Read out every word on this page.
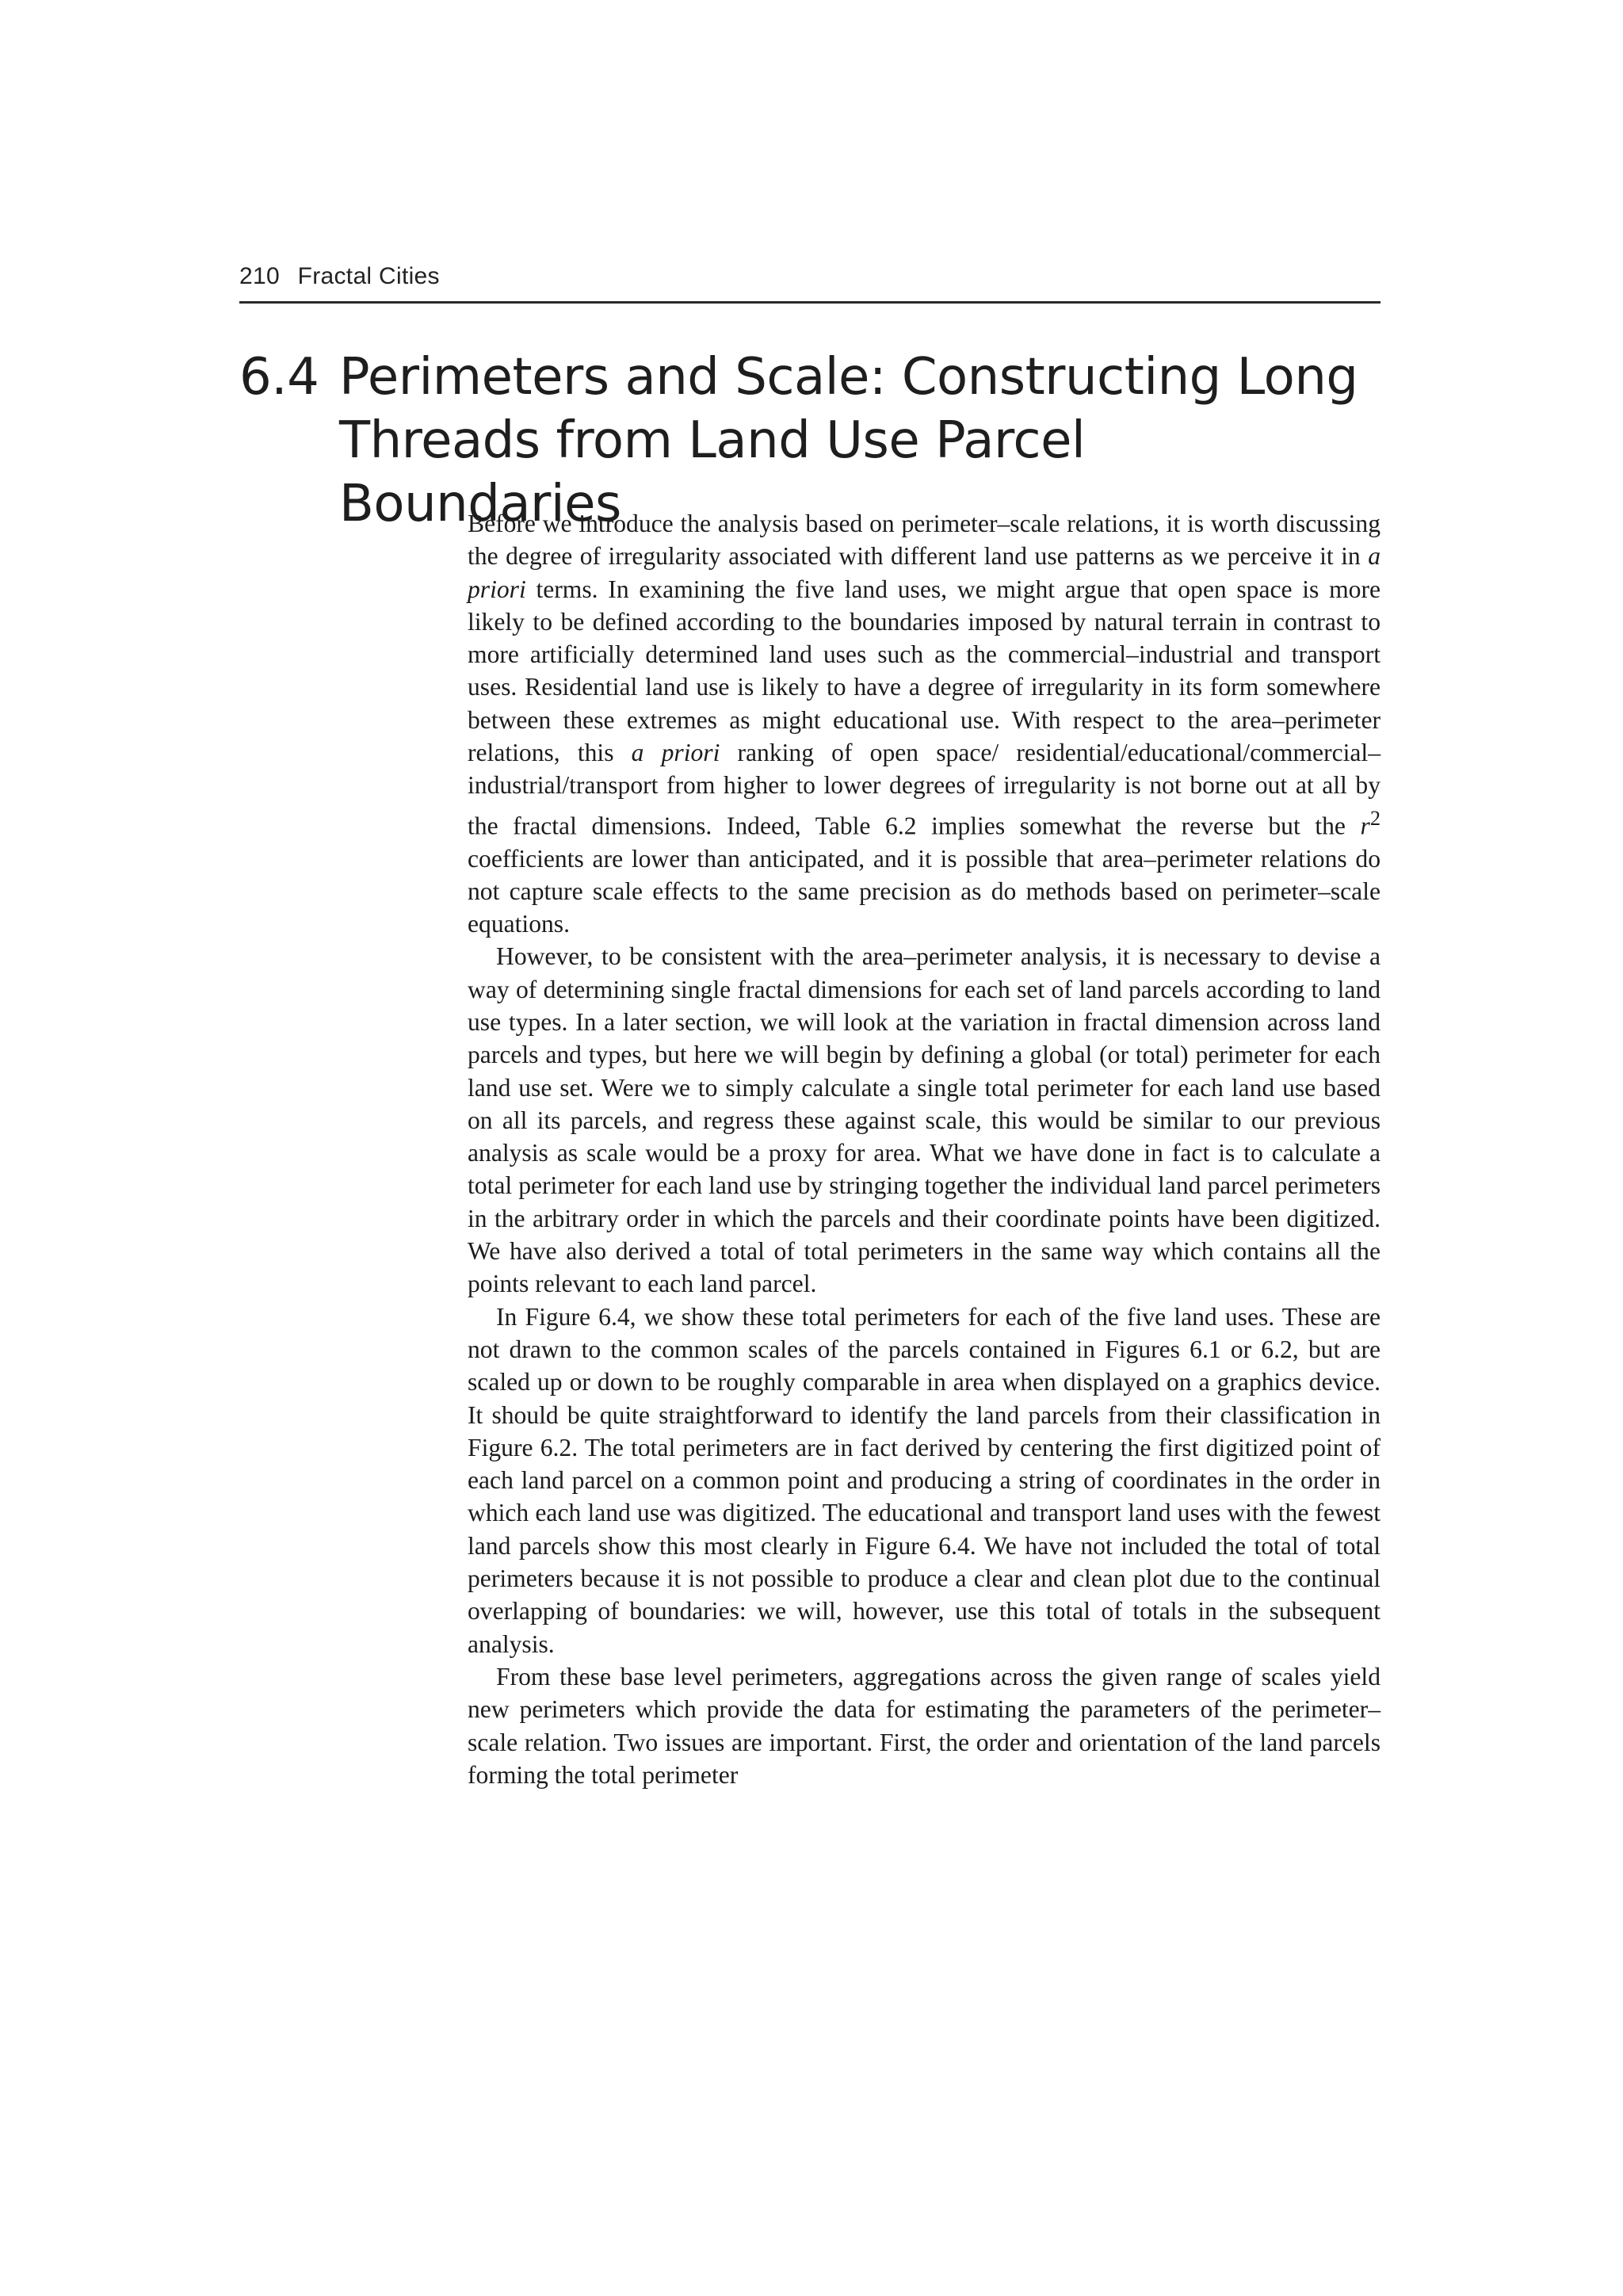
210 Fractal Cities
6.4 Perimeters and Scale: Constructing Long
Threads from Land Use Parcel Boundaries

Before we introduce the analysis based on perimeter–scale relations, it is worth discussing the degree of irregularity associated with different land use patterns as we perceive it in a priori terms. In examining the five land uses, we might argue that open space is more likely to be defined according to the boundaries imposed by natural terrain in contrast to more artificially determined land uses such as the commercial–industrial and transport uses. Residential land use is likely to have a degree of irregularity in its form somewhere between these extremes as might educational use. With respect to the area–perimeter relations, this a priori ranking of open space/ residential/educational/commercial–industrial/transport from higher to lower degrees of irregularity is not borne out at all by the fractal dimensions. Indeed, Table 6.2 implies somewhat the reverse but the $r^2$ coefficients are lower than anticipated, and it is possible that area–perimeter relations do not capture scale effects to the same precision as do methods based on perimeter–scale equations.

However, to be consistent with the area–perimeter analysis, it is necessary to devise a way of determining single fractal dimensions for each set of land parcels according to land use types. In a later section, we will look at the variation in fractal dimension across land parcels and types, but here we will begin by defining a global (or total) perimeter for each land use set. Were we to simply calculate a single total perimeter for each land use based on all its parcels, and regress these against scale, this would be similar to our previous analysis as scale would be a proxy for area. What we have done in fact is to calculate a total perimeter for each land use by stringing together the individual land parcel perimeters in the arbitrary order in which the parcels and their coordinate points have been digitized. We have also derived a total of total perimeters in the same way which contains all the points relevant to each land parcel.

In Figure 6.4, we show these total perimeters for each of the five land uses. These are not drawn to the common scales of the parcels contained in Figures 6.1 or 6.2, but are scaled up or down to be roughly comparable in area when displayed on a graphics device. It should be quite straightforward to identify the land parcels from their classification in Figure 6.2. The total perimeters are in fact derived by centering the first digitized point of each land parcel on a common point and producing a string of coordinates in the order in which each land use was digitized. The educational and transport land uses with the fewest land parcels show this most clearly in Figure 6.4. We have not included the total of total perimeters because it is not possible to produce a clear and clean plot due to the continual overlapping of boundaries: we will, however, use this total of totals in the subsequent analysis.

From these base level perimeters, aggregations across the given range of scales yield new perimeters which provide the data for estimating the parameters of the perimeter–scale relation. Two issues are important. First, the order and orientation of the land parcels forming the total perimeter
